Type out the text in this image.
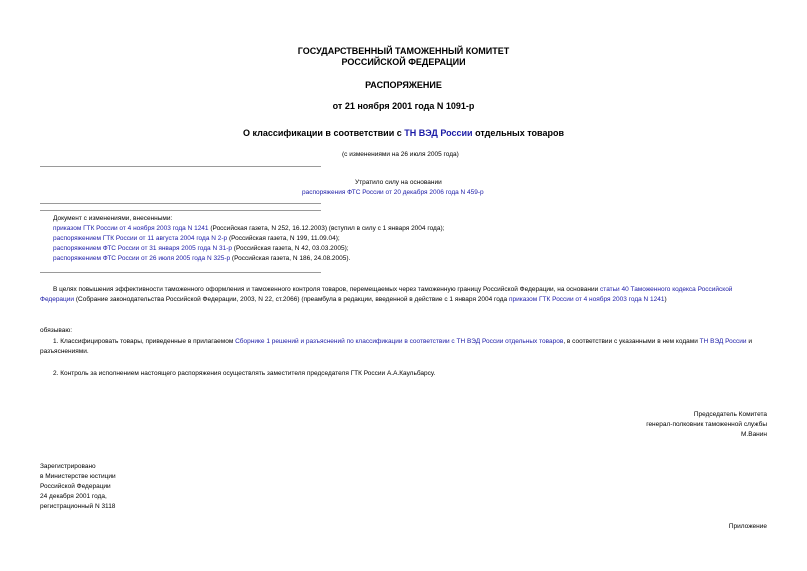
ГОСУДАРСТВЕННЫЙ ТАМОЖЕННЫЙ КОМИТЕТ
РОССИЙСКОЙ ФЕДЕРАЦИИ
РАСПОРЯЖЕНИЕ
от 21 ноября 2001 года N 1091-р
О классификации в соответствии с ТН ВЭД России отдельных товаров
(с изменениями на 26 июля 2005 года)
Утратило силу на основании
распоряжения ФТС России от 20 декабря 2006 года N 459-р
Документ с изменениями, внесенными:
приказом ГТК России от 4 ноября 2003 года N 1241 (Российская газета, N 252, 16.12.2003) (вступил в силу с 1 января 2004 года);
распоряжением ГТК России от 11 августа 2004 года N 2-р (Российская газета, N 199, 11.09.04);
распоряжением ФТС России от 31 января 2005 года N 31-р (Российская газета, N 42, 03.03.2005);
распоряжением ФТС России от 26 июля 2005 года N 325-р (Российская газета, N 186, 24.08.2005).
В целях повышения эффективности таможенного оформления и таможенного контроля товаров, перемещаемых через таможенную границу Российской Федерации, на основании статьи 40 Таможенного кодекса Российской Федерации (Собрание законодательства Российской Федерации, 2003, N 22, ст.2066) (преамбула в редакции, введенной в действие с 1 января 2004 года приказом ГТК России от 4 ноября 2003 года N 1241)
обязываю:
1. Классифицировать товары, приведенные в прилагаемом Сборнике 1 решений и разъяснений по классификации в соответствии с ТН ВЭД России отдельных товаров, в соответствии с указанными в нем кодами ТН ВЭД России и разъяснениями.
2. Контроль за исполнением настоящего распоряжения осуществлять заместителя председателя ГТК России А.А.Каульбарсу.
Председатель Комитета
генерал-полковник таможенной службы
М.Ванин
Зарегистрировано
в Министерстве юстиции
Российской Федерации
24 декабря 2001 года,
регистрационный N 3118
Приложение
